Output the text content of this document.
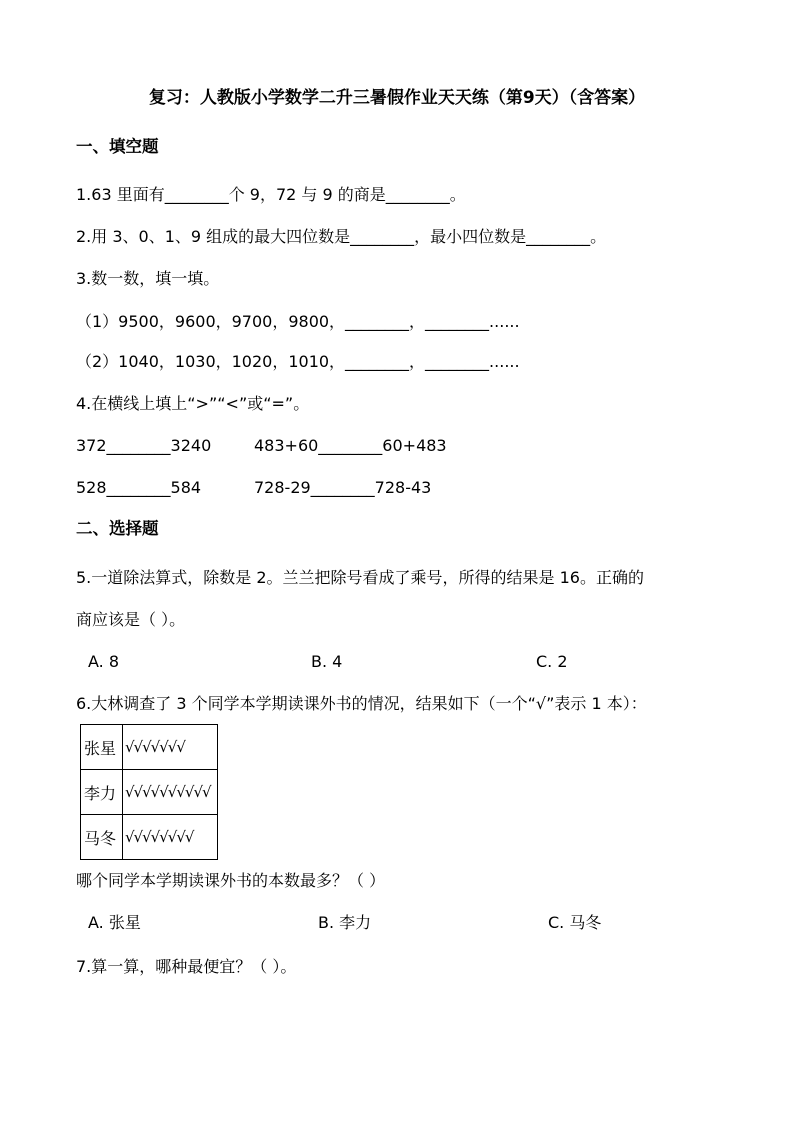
复习：人教版小学数学二升三暑假作业天天练（第9天）（含答案）
一、填空题
1.63 里面有________个 9，72 与 9 的商是________。
2.用 3、0、1、9 组成的最大四位数是________，最小四位数是________。
3.数一数，填一填。
（1）9500，9600，9700，9800，________，________......
（2）1040，1030，1020，1010，________，________......
4.在横线上填上“>”“<”或“=”。
372________3240	483+60________60+483
528________584	728-29________728-43
二、选择题
5.一道除法算式，除数是 2。兰兰把除号看成了乘号，所得的结果是 16。正确的
商应该是（ ）。
A. 8	B. 4	C. 2
6.大林调查了 3 个同学本学期读课外书的情况，结果如下（一个“√”表示 1 本）：
张星	√√√√√√√
李力	√√√√√√√√√√
马冬	√√√√√√√√
哪个同学本学期读课外书的本数最多？（ ）
A. 张星	B. 李力	C. 马冬
7.算一算，哪种最便宜？（ ）。
